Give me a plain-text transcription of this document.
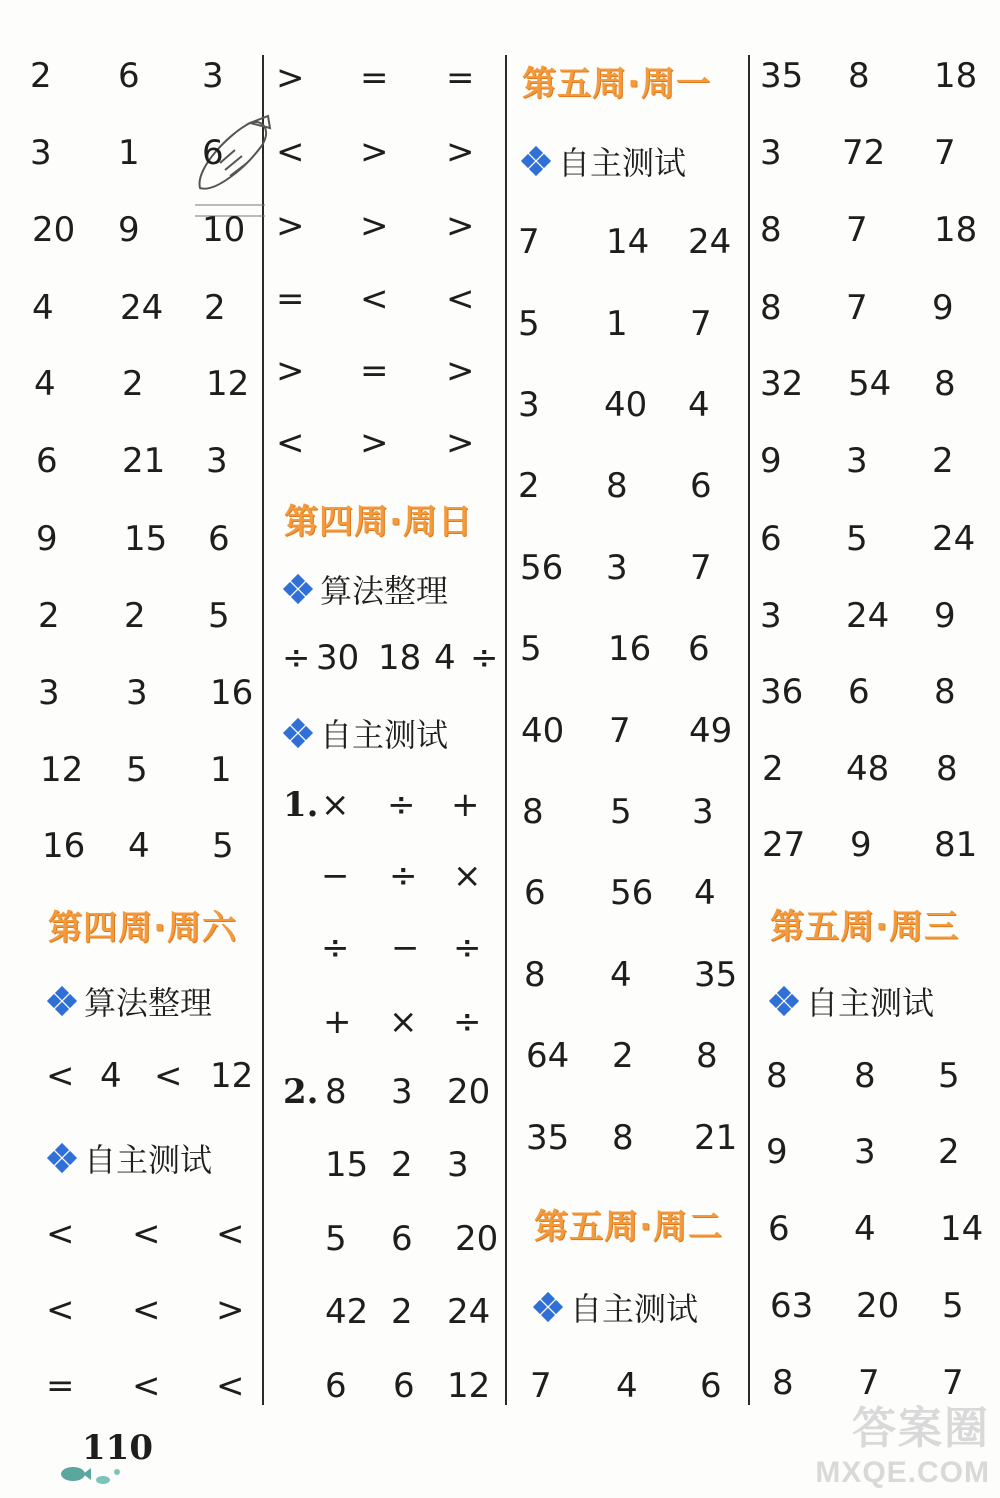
2	6	3
3	1	6
20	9	10
4	24	2
4	2	12
6	21	3
9	15	6
2	2	5
3	3	16
12	5	1
16	4	5
第四周·周六
算法整理
< 4 < 12
自主测试
<	<	<
<	<	>
=	<	<
>	=	=
<	>	>
>	>	>
=	<	<
>	=	>
<	>	>
第四周·周日
算法整理
÷ 30 18 4 ÷
自主测试
1. ×	÷	+
−	÷	×
÷	− ÷
+	×	÷
2. 8	3	20
15 2	3
5	6	20
42 2	24
6	6 12
第五周·周一
自主测试
7	14	24
5	1	7
3	40	4
2	8	6
56	3	7
5	16	6
40	7	49
8	5	3
6	56	4
8	4	35
64	2	8
35	8	21
第五周·周二
自主测试
7	4	6
35	8	18
3	72	7
8	7	18
8	7	9
32	54	8
9	3	2
6	5	24
3	24	9
36	6	8
2	48	8
27	9	81
第五周·周三
自主测试
8	8	5
9	3	2
6	4	14
63	20	5
8	7	7
110	答案圈
MXQE.COM
